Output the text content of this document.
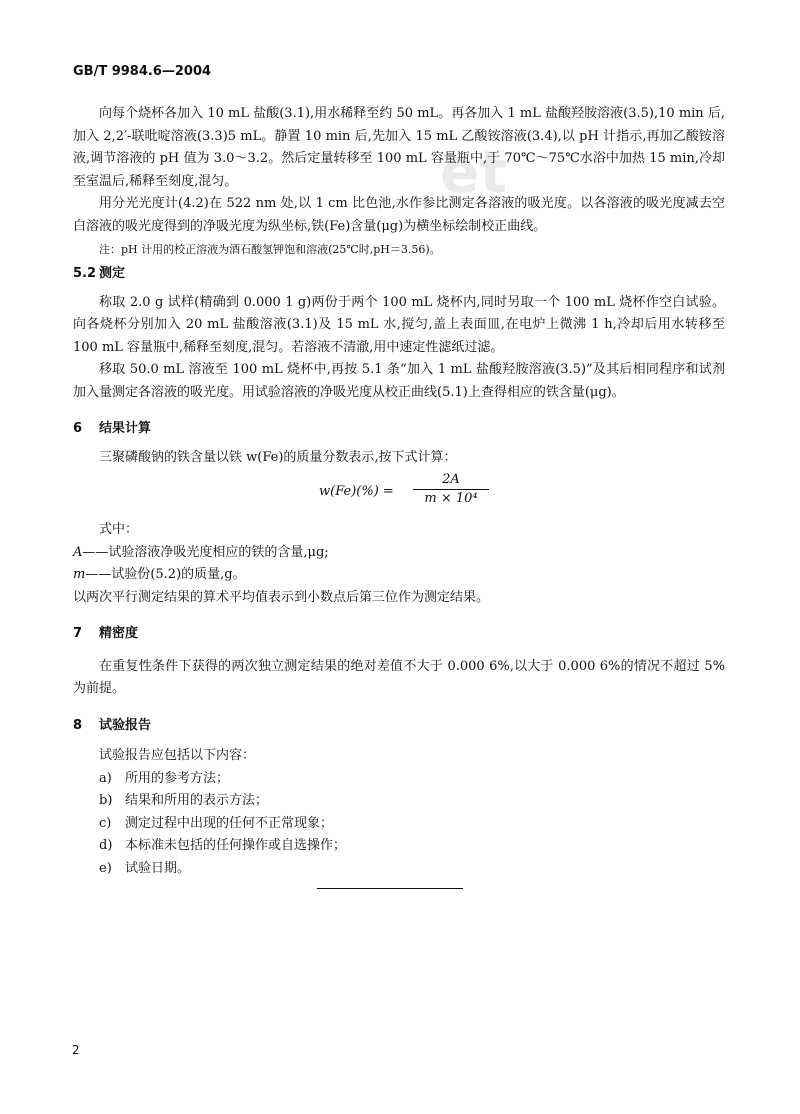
et
GB/T 9984.6—2004

向每个烧杯各加入 10 mL 盐酸(3.1),用水稀释至约 50 mL。再各加入 1 mL 盐酸羟胺溶液(3.5),10 min 后,加入 2,2′-联吡啶溶液(3.3)5 mL。静置 10 min 后,先加入 15 mL 乙酸铵溶液(3.4),以 pH 计指示,再加乙酸铵溶液,调节溶液的 pH 值为 3.0～3.2。然后定量转移至 100 mL 容量瓶中,于 70℃～75℃水浴中加热 15 min,冷却至室温后,稀释至刻度,混匀。

用分光光度计(4.2)在 522 nm 处,以 1 cm 比色池,水作参比测定各溶液的吸光度。以各溶液的吸光度减去空白溶液的吸光度得到的净吸光度为纵坐标,铁(Fe)含量(μg)为横坐标绘制校正曲线。

注：pH 计用的校正溶液为酒石酸氢钾饱和溶液(25℃时,pH＝3.56)。
5.2 测定

称取 2.0 g 试样(精确到 0.000 1 g)两份于两个 100 mL 烧杯内,同时另取一个 100 mL 烧杯作空白试验。向各烧杯分别加入 20 mL 盐酸溶液(3.1)及 15 mL 水,搅匀,盖上表面皿,在电炉上微沸 1 h,冷却后用水转移至 100 mL 容量瓶中,稀释至刻度,混匀。若溶液不清澈,用中速定性滤纸过滤。

移取 50.0 mL 溶液至 100 mL 烧杯中,再按 5.1 条“加入 1 mL 盐酸羟胺溶液(3.5)”及其后相同程序和试剂加入量测定各溶液的吸光度。用试验溶液的净吸光度从校正曲线(5.1)上查得相应的铁含量(μg)。

6 结果计算

三聚磷酸钠的铁含量以铁 w(Fe)的质量分数表示,按下式计算：

$w(Fe)(\%) = \frac{2A}{\text{m × 10⁴}}$

式中：

A——试验溶液净吸光度相应的铁的含量,μg;

m——试验份(5.2)的质量,g。

以两次平行测定结果的算术平均值表示到小数点后第三位作为测定结果。

7 精密度

在重复性条件下获得的两次独立测定结果的绝对差值不大于 0.000 6%,以大于 0.000 6%的情况不超过 5%为前提。

8 试验报告

试验报告应包括以下内容：

a) 所用的参考方法；

b) 结果和所用的表示方法；

c) 测定过程中出现的任何不正常现象；

d) 本标准未包括的任何操作或自选操作；

e) 试验日期。

2
